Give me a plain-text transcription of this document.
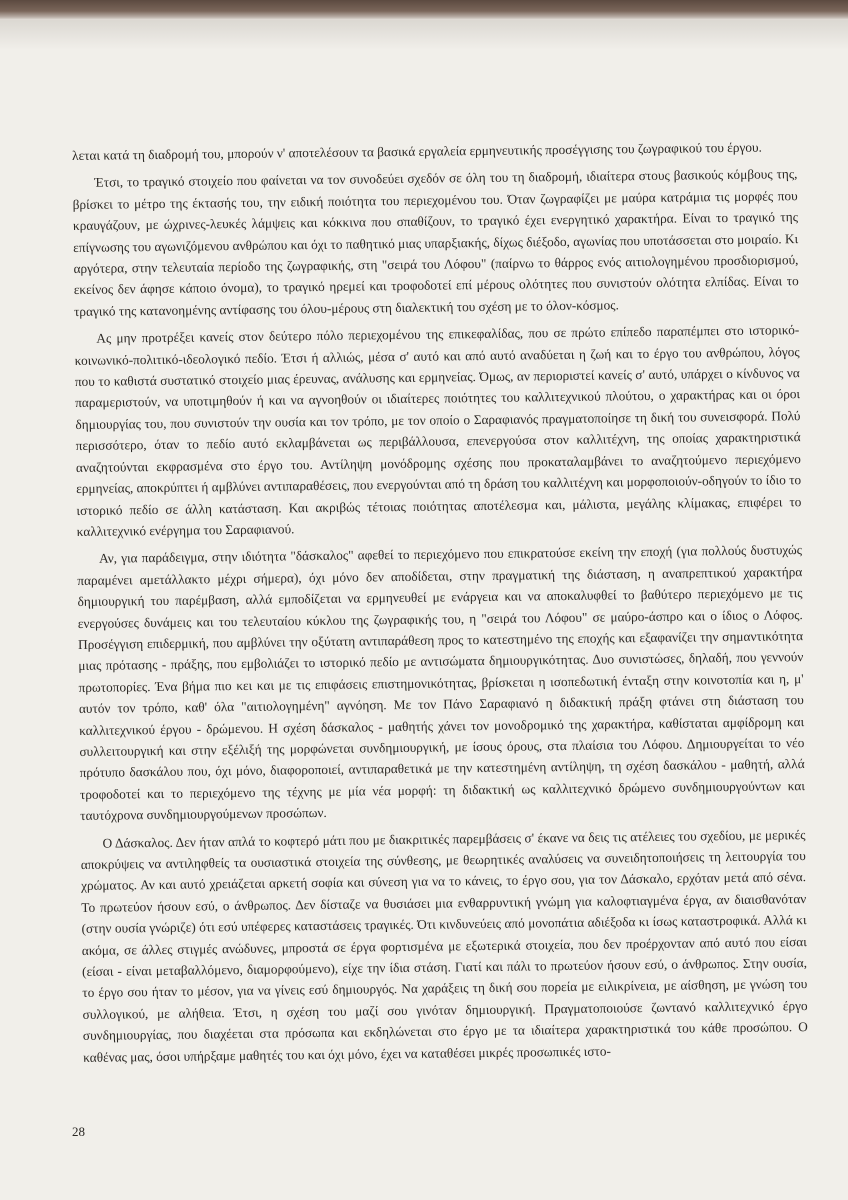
λεται κατά τη διαδρομή του, μπορούν ν' αποτελέσουν τα βασικά εργαλεία ερμηνευτικής προσέγγισης του ζωγραφικού του έργου.

Έτσι, το τραγικό στοιχείο που φαίνεται να τον συνοδεύει σχεδόν σε όλη του τη διαδρομή, ιδιαίτερα στους βασικούς κόμβους της, βρίσκει το μέτρο της έκτασής του, την ειδική ποιότητα του περιεχομένου του. Όταν ζωγραφίζει με μαύρα κατράμια τις μορφές που κραυγάζουν, με ώχρινες-λευκές λάμψεις και κόκκινα που σπαθίζουν, το τραγικό έχει ενεργητικό χαρακτήρα. Είναι το τραγικό της επίγνωσης του αγωνιζόμενου ανθρώπου και όχι το παθητικό μιας υπαρξιακής, δίχως διέξοδο, αγωνίας που υποτάσσεται στο μοιραίο. Κι αργότερα, στην τελευταία περίοδο της ζωγραφικής, στη "σειρά του Λόφου" (παίρνω το θάρρος ενός αιτιολογημένου προσδιορισμού, εκείνος δεν άφησε κάποιο όνομα), το τραγικό ηρεμεί και τροφοδοτεί επί μέρους ολότητες που συνιστούν ολότητα ελπίδας. Είναι το τραγικό της κατανοημένης αντίφασης του όλου-μέρους στη διαλεκτική του σχέση με το όλον-κόσμος.

Ας μην προτρέξει κανείς στον δεύτερο πόλο περιεχομένου της επικεφαλίδας, που σε πρώτο επίπεδο παραπέμπει στο ιστορικό-κοινωνικό-πολιτικό-ιδεολογικό πεδίο. Έτσι ή αλλιώς, μέσα σ' αυτό και από αυτό αναδύεται η ζωή και το έργο του ανθρώπου, λόγος που το καθιστά συστατικό στοιχείο μιας έρευνας, ανάλυσης και ερμηνείας. Όμως, αν περιοριστεί κανείς σ' αυτό, υπάρχει ο κίνδυνος να παραμεριστούν, να υποτιμηθούν ή και να αγνοηθούν οι ιδιαίτερες ποιότητες του καλλιτεχνικού πλούτου, ο χαρακτήρας και οι όροι δημιουργίας του, που συνιστούν την ουσία και τον τρόπο, με τον οποίο ο Σαραφιανός πραγματοποίησε τη δική του συνεισφορά. Πολύ περισσότερο, όταν το πεδίο αυτό εκλαμβάνεται ως περιβάλλουσα, επενεργούσα στον καλλιτέχνη, της οποίας χαρακτηριστικά αναζητούνται εκφρασμένα στο έργο του. Αντίληψη μονόδρομης σχέσης που προκαταλαμβάνει το αναζητούμενο περιεχόμενο ερμηνείας, αποκρύπτει ή αμβλύνει αντιπαραθέσεις, που ενεργούνται από τη δράση του καλλιτέχνη και μορφοποιούν-οδηγούν το ίδιο το ιστορικό πεδίο σε άλλη κατάσταση. Και ακριβώς τέτοιας ποιότητας αποτέλεσμα και, μάλιστα, μεγάλης κλίμακας, επιφέρει το καλλιτεχνικό ενέργημα του Σαραφιανού.

Αν, για παράδειγμα, στην ιδιότητα "δάσκαλος" αφεθεί το περιεχόμενο που επικρατούσε εκείνη την εποχή (για πολλούς δυστυχώς παραμένει αμετάλλακτο μέχρι σήμερα), όχι μόνο δεν αποδίδεται, στην πραγματική της διάσταση, η αναπρεπτικού χαρακτήρα δημιουργική του παρέμβαση, αλλά εμποδίζεται να ερμηνευθεί με ενάργεια και να αποκαλυφθεί το βαθύτερο περιεχόμενο με τις ενεργούσες δυνάμεις και του τελευταίου κύκλου της ζωγραφικής του, η "σειρά του Λόφου" σε μαύρο-άσπρο και ο ίδιος ο Λόφος. Προσέγγιση επιδερμική, που αμβλύνει την οξύτατη αντιπαράθεση προς το κατεστημένο της εποχής και εξαφανίζει την σημαντικότητα μιας πρότασης - πράξης, που εμβολιάζει το ιστορικό πεδίο με αντισώματα δημιουργικότητας. Δυο συνιστώσες, δηλαδή, που γεννούν πρωτοπορίες. Ένα βήμα πιο κει και με τις επιφάσεις επιστημονικότητας, βρίσκεται η ισοπεδωτική ένταξη στην κοινοτοπία και η, μ' αυτόν τον τρόπο, καθ' όλα "αιτιολογημένη" αγνόηση. Με τον Πάνο Σαραφιανό η διδακτική πράξη φτάνει στη διάσταση του καλλιτεχνικού έργου - δρώμενου. Η σχέση δάσκαλος - μαθητής χάνει τον μονοδρομικό της χαρακτήρα, καθίσταται αμφίδρομη και συλλειτουργική και στην εξέλιξή της μορφώνεται συνδημιουργική, με ίσους όρους, στα πλαίσια του Λόφου. Δημιουργείται το νέο πρότυπο δασκάλου που, όχι μόνο, διαφοροποιεί, αντιπαραθετικά με την κατεστημένη αντίληψη, τη σχέση δασκάλου - μαθητή, αλλά τροφοδοτεί και το περιεχόμενο της τέχνης με μία νέα μορφή: τη διδακτική ως καλλιτεχνικό δρώμενο συνδημιουργούντων και ταυτόχρονα συνδημιουργούμενων προσώπων.

Ο Δάσκαλος. Δεν ήταν απλά το κοφτερό μάτι που με διακριτικές παρεμβάσεις σ' έκανε να δεις τις ατέλειες του σχεδίου, με μερικές αποκρύψεις να αντιληφθείς τα ουσιαστικά στοιχεία της σύνθεσης, με θεωρητικές αναλύσεις να συνειδητοποιήσεις τη λειτουργία του χρώματος. Αν και αυτό χρειάζεται αρκετή σοφία και σύνεση για να το κάνεις, το έργο σου, για τον Δάσκαλο, ερχόταν μετά από σένα. Το πρωτεύον ήσουν εσύ, ο άνθρωπος. Δεν δίσταζε να θυσιάσει μια ενθαρρυντική γνώμη για καλοφτιαγμένα έργα, αν διαισθανόταν (στην ουσία γνώριζε) ότι εσύ υπέφερες καταστάσεις τραγικές. Ότι κινδυνεύεις από μονοπάτια αδιέξοδα κι ίσως καταστροφικά. Αλλά κι ακόμα, σε άλλες στιγμές ανώδυνες, μπροστά σε έργα φορτισμένα με εξωτερικά στοιχεία, που δεν προέρχονταν από αυτό που είσαι (είσαι - είναι μεταβαλλόμενο, διαμορφούμενο), είχε την ίδια στάση. Γιατί και πάλι το πρωτεύον ήσουν εσύ, ο άνθρωπος. Στην ουσία, το έργο σου ήταν το μέσον, για να γίνεις εσύ δημιουργός. Να χαράξεις τη δική σου πορεία με ειλικρίνεια, με αίσθηση, με γνώση του συλλογικού, με αλήθεια. Έτσι, η σχέση του μαζί σου γινόταν δημιουργική. Πραγματοποιούσε ζωντανό καλλιτεχνικό έργο συνδημιουργίας, που διαχέεται στα πρόσωπα και εκδηλώνεται στο έργο με τα ιδιαίτερα χαρακτηριστικά του κάθε προσώπου. Ο καθένας μας, όσοι υπήρξαμε μαθητές του και όχι μόνο, έχει να καταθέσει μικρές προσωπικές ιστο-

28
